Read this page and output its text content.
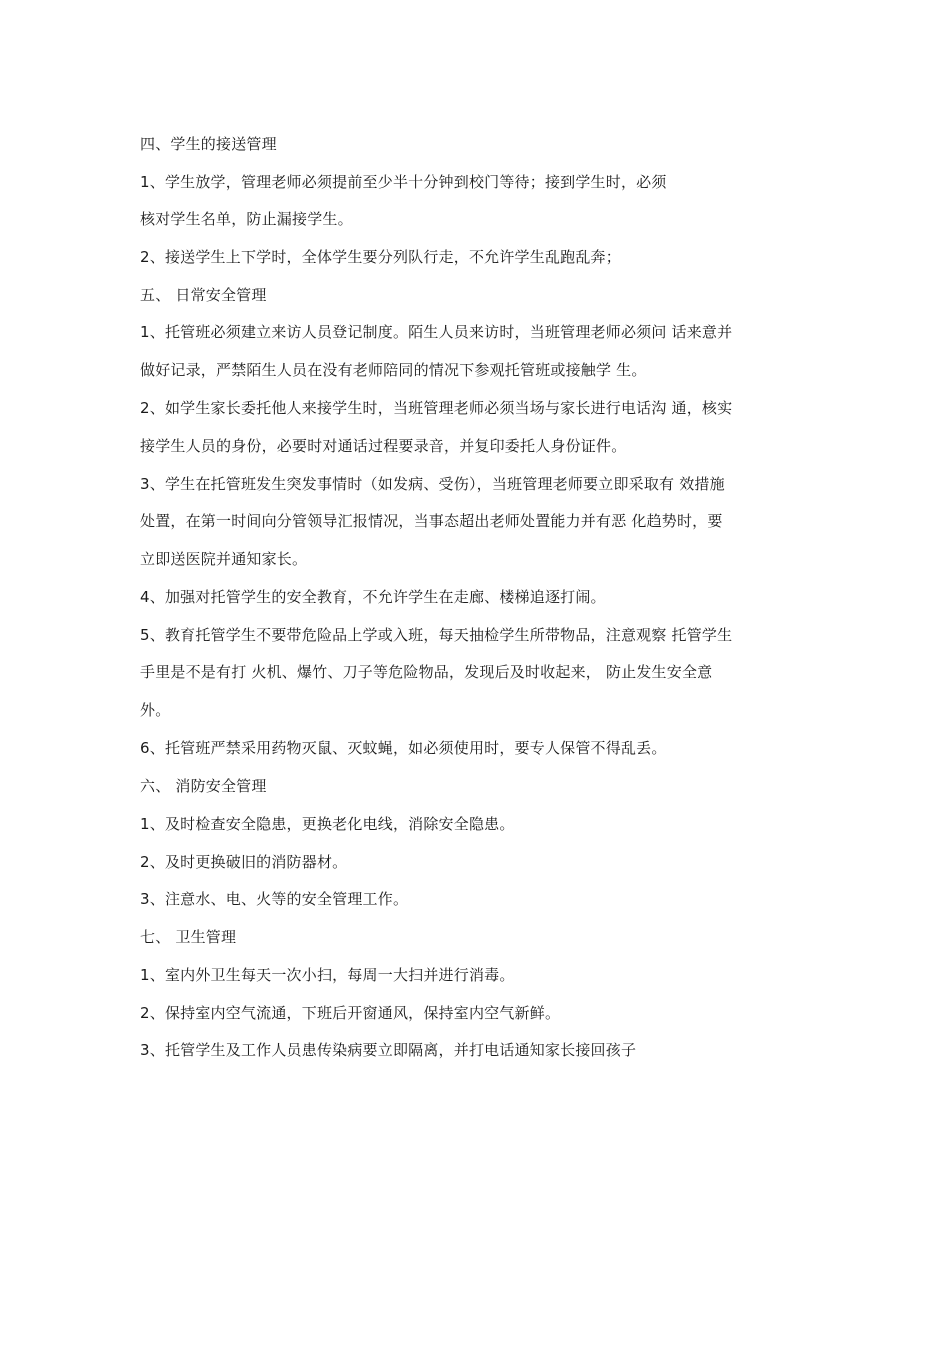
四、学生的接送管理

1、学生放学，管理老师必须提前至少半十分钟到校门等待；接到学生时，必须

核对学生名单，防止漏接学生。

2、接送学生上下学时，全体学生要分列队行走，不允许学生乱跑乱奔；

五、 日常安全管理

1、托管班必须建立来访人员登记制度。陌生人员来访时，当班管理老师必须问 话来意并

做好记录，严禁陌生人员在没有老师陪同的情况下参观托管班或接触学 生。

2、如学生家长委托他人来接学生时，当班管理老师必须当场与家长进行电话沟 通，核实

接学生人员的身份，必要时对通话过程要录音，并复印委托人身份证件。

3、学生在托管班发生突发事情时（如发病、受伤），当班管理老师要立即采取有 效措施

处置，在第一时间向分管领导汇报情况，当事态超出老师处置能力并有恶 化趋势时，要

立即送医院并通知家长。

4、加强对托管学生的安全教育，不允许学生在走廊、楼梯追逐打闹。

5、教育托管学生不要带危险品上学或入班，每天抽检学生所带物品，注意观察 托管学生

手里是不是有打 火机、爆竹、刀子等危险物品，发现后及时收起来， 防止发生安全意

外。

6、托管班严禁采用药物灭鼠、灭蚊蝇，如必须使用时，要专人保管不得乱丢。

六、 消防安全管理

1、及时检查安全隐患，更换老化电线，消除安全隐患。

2、及时更换破旧的消防器材。

3、注意水、电、火等的安全管理工作。

七、 卫生管理

1、室内外卫生每天一次小扫，每周一大扫并进行消毒。

2、保持室内空气流通，下班后开窗通风，保持室内空气新鲜。

3、托管学生及工作人员患传染病要立即隔离，并打电话通知家长接回孩子
